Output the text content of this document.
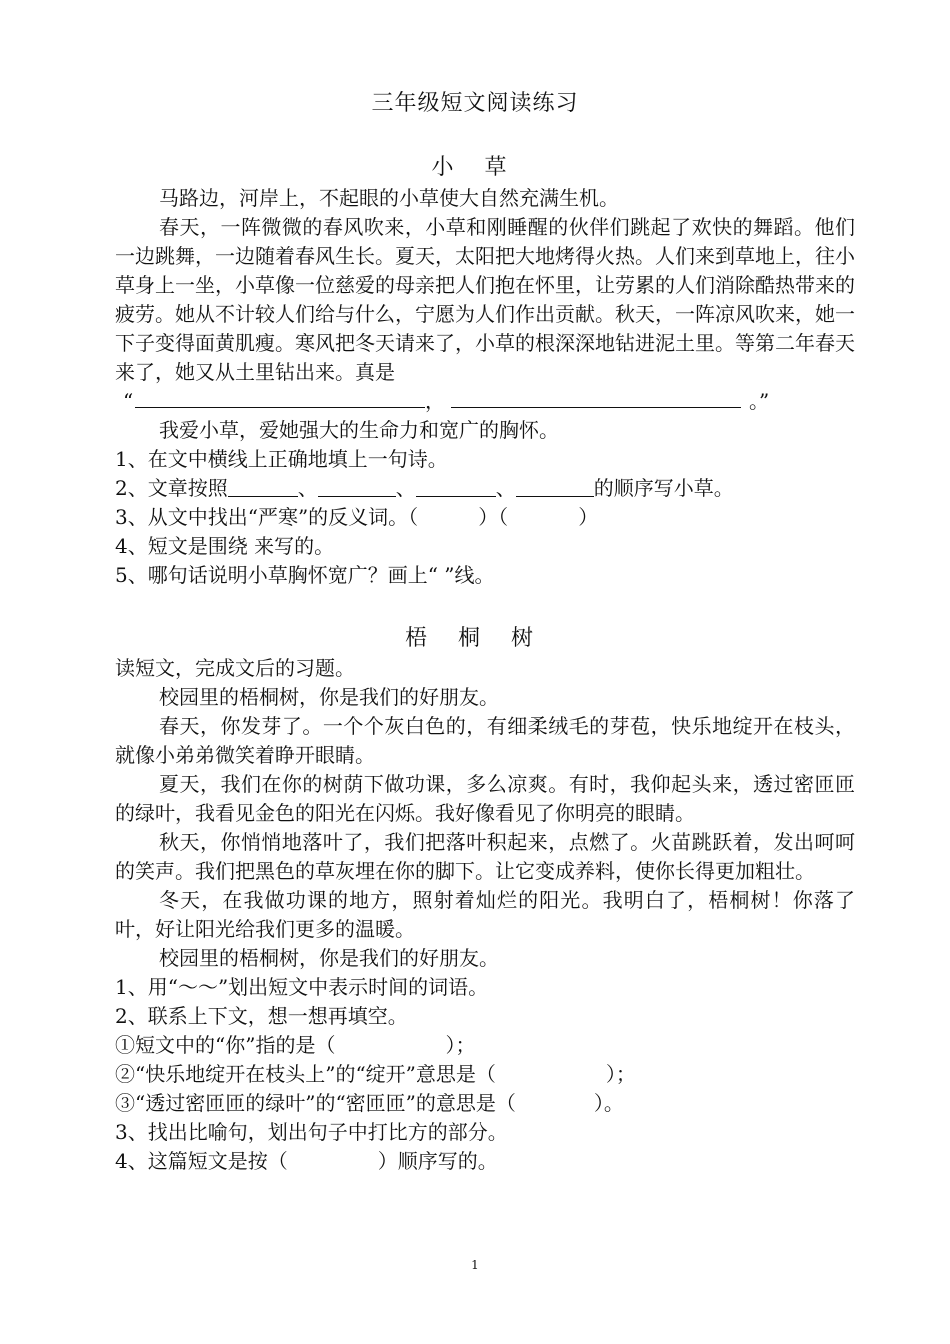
三年级短文阅读练习
小 草

马路边，河岸上，不起眼的小草使大自然充满生机。

春天，一阵微微的春风吹来，小草和刚睡醒的伙伴们跳起了欢快的舞蹈。他们一边跳舞，一边随着春风生长。夏天，太阳把大地烤得火热。人们来到草地上，往小草身上一坐，小草像一位慈爱的母亲把人们抱在怀里，让劳累的人们消除酷热带来的疲劳。她从不计较人们给与什么，宁愿为人们作出贡献。秋天，一阵凉风吹来，她一下子变得面黄肌瘦。寒风把冬天请来了，小草的根深深地钻进泥土里。等第二年春天来了，她又从土里钻出来。真是

“	，	。”

我爱小草，爱她强大的生命力和宽广的胸怀。

1、在文中横线上正确地填上一句诗。

2、文章按照	、	、	、	的顺序写小草。

3、从文中找出“严寒”的反义词。（	）（	）

4、短文是围绕 来写的。

5、哪句话说明小草胸怀宽广？画上“ ”线。

梧 桐 树

读短文，完成文后的习题。

校园里的梧桐树，你是我们的好朋友。

春天，你发芽了。一个个灰白色的，有细柔绒毛的芽苞，快乐地绽开在枝头，就像小弟弟微笑着睁开眼睛。

夏天，我们在你的树荫下做功课，多么凉爽。有时，我仰起头来，透过密匝匝的绿叶，我看见金色的阳光在闪烁。我好像看见了你明亮的眼睛。

秋天，你悄悄地落叶了，我们把落叶积起来，点燃了。火苗跳跃着，发出呵呵的笑声。我们把黑色的草灰埋在你的脚下。让它变成养料，使你长得更加粗壮。

冬天，在我做功课的地方，照射着灿烂的阳光。我明白了，梧桐树！你落了叶，好让阳光给我们更多的温暖。

校园里的梧桐树，你是我们的好朋友。

1、用“～～”划出短文中表示时间的词语。

2、联系上下文，想一想再填空。

①短文中的“你”指的是（	）；

②“快乐地绽开在枝头上”的“绽开”意思是（	）；

③“透过密匝匝的绿叶”的“密匝匝”的意思是（	）。

3、找出比喻句，划出句子中打比方的部分。

4、这篇短文是按（	）顺序写的。

1
